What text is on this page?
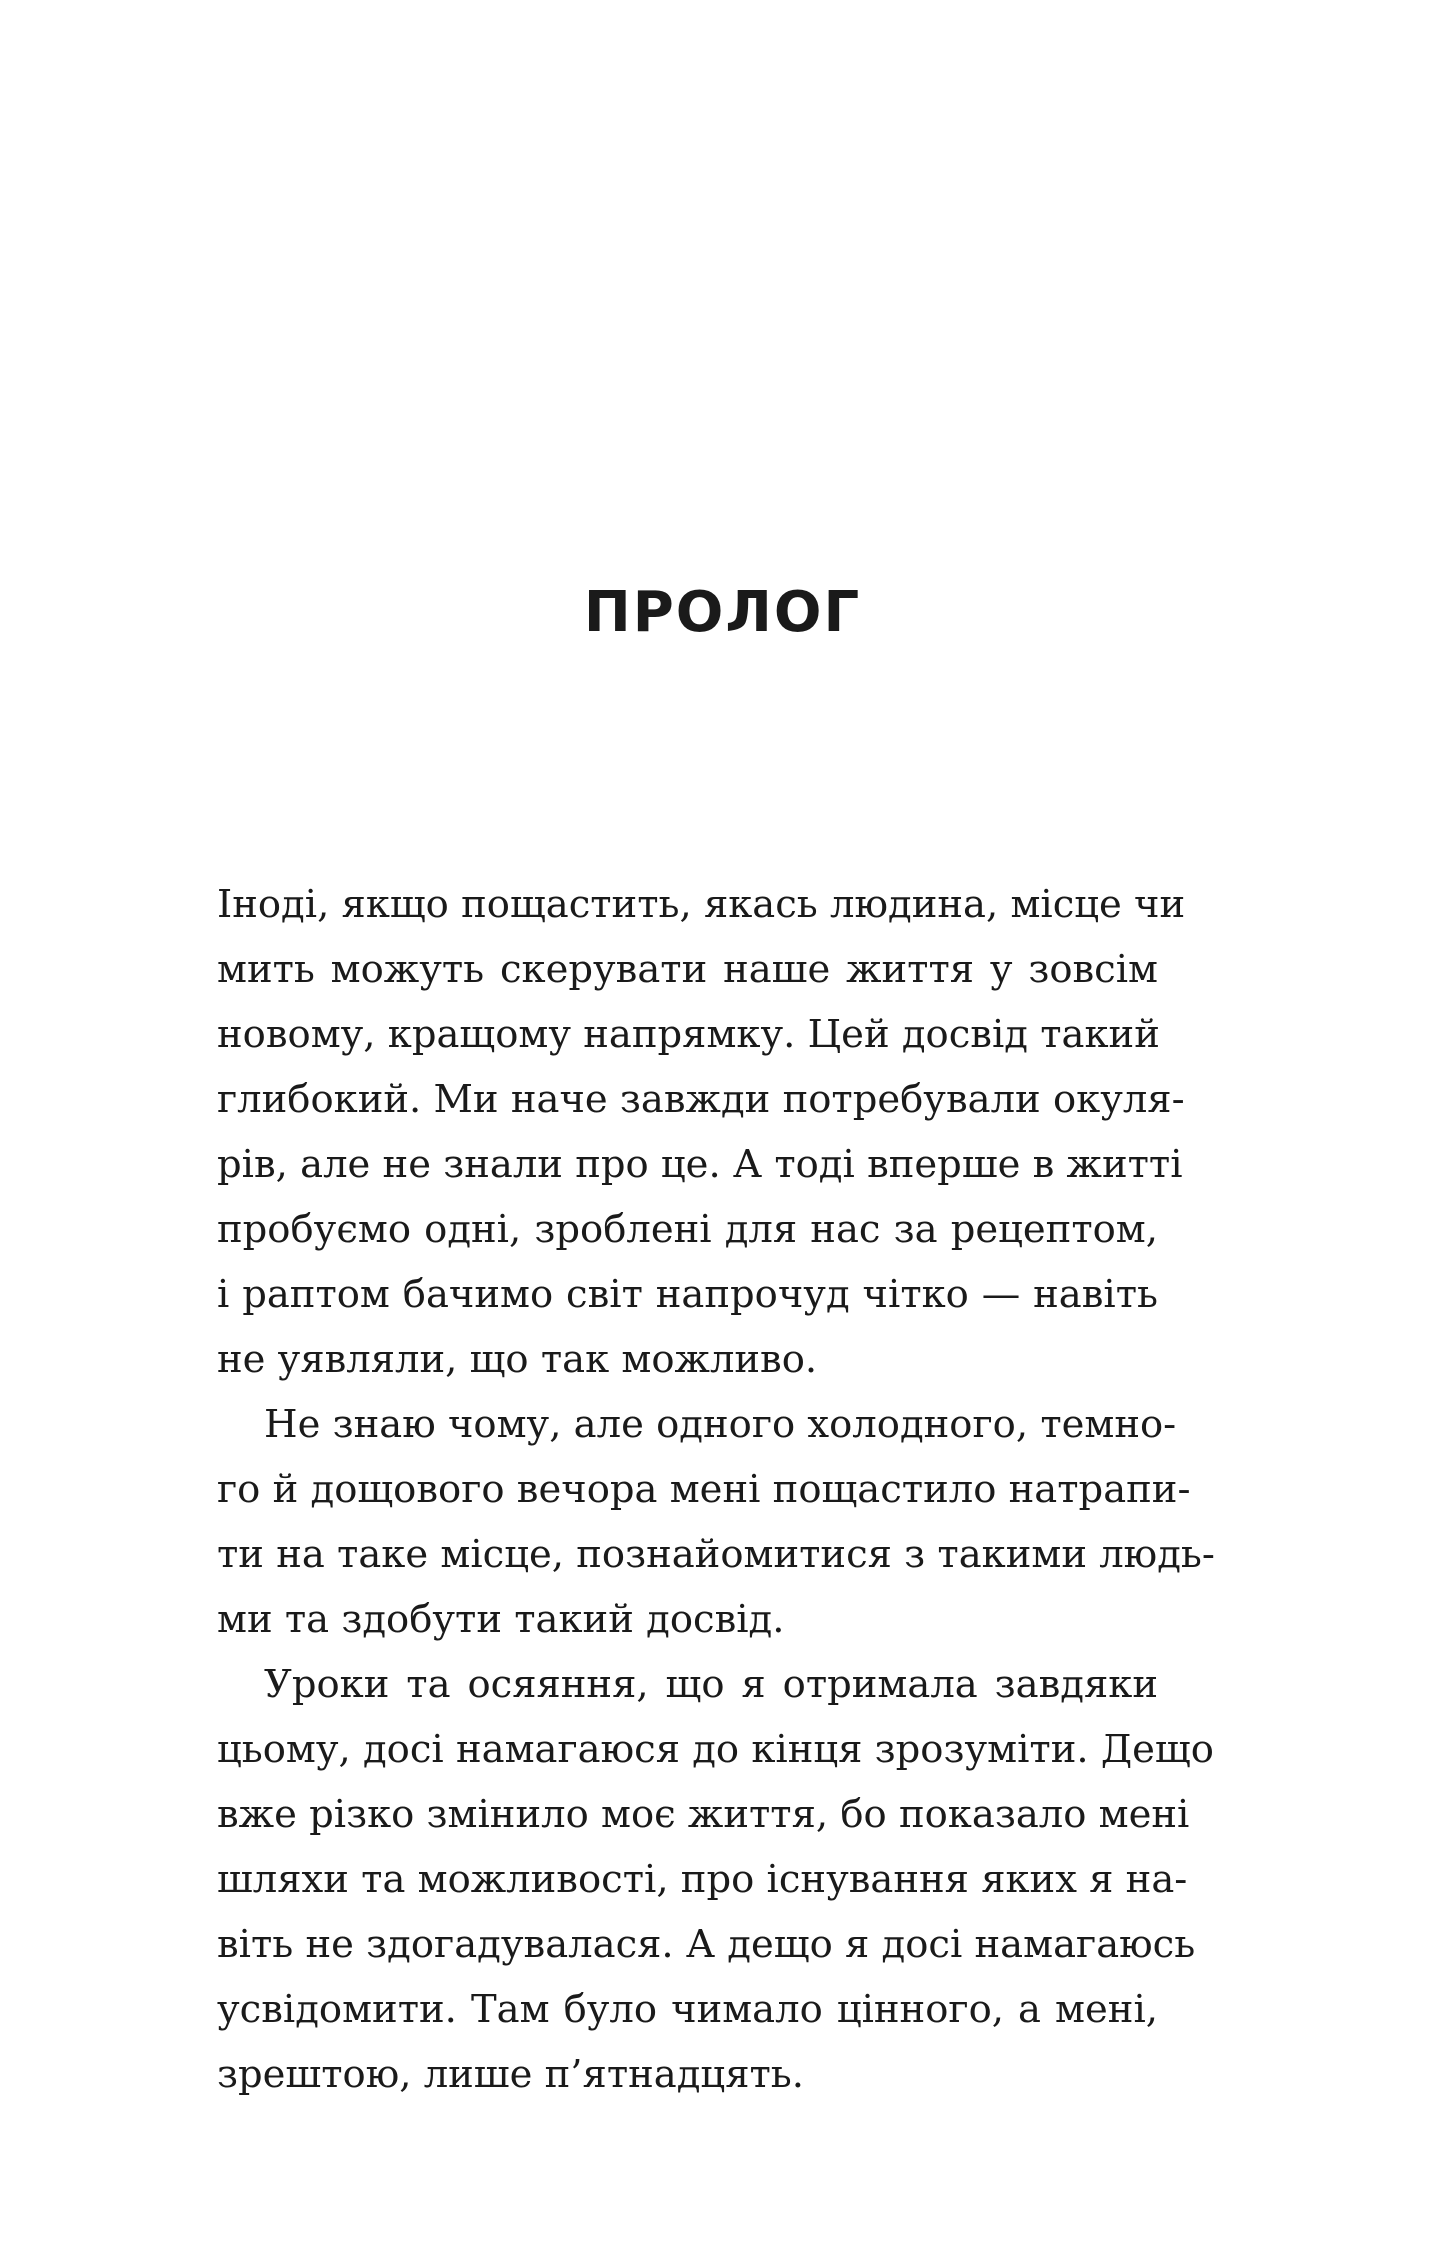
ПРОЛОГ

Іноді, якщо пощастить, якась людина, місце чи
мить можуть скерувати наше життя у зовсім
новому, кращому напрямку. Цей досвід такий
глибокий. Ми наче завжди потребували окуля-
рів, але не знали про це. А тоді вперше в житті
пробуємо одні, зроблені для нас за рецептом,
і раптом бачимо світ напрочуд чітко — навіть
не уявляли, що так можливо.

Не знаю чому, але одного холодного, темно-
го й дощового вечора мені пощастило натрапи-
ти на таке місце, познайомитися з такими людь-
ми та здобути такий досвід.

Уроки та осяяння, що я отримала завдяки
цьому, досі намагаюся до кінця зрозуміти. Дещо
вже різко змінило моє життя, бо показало мені
шляхи та можливості, про існування яких я на-
віть не здогадувалася. А дещо я досі намагаюсь
усвідомити. Там було чимало цінного, а мені,
зрештою, лише п’ятнадцять.
